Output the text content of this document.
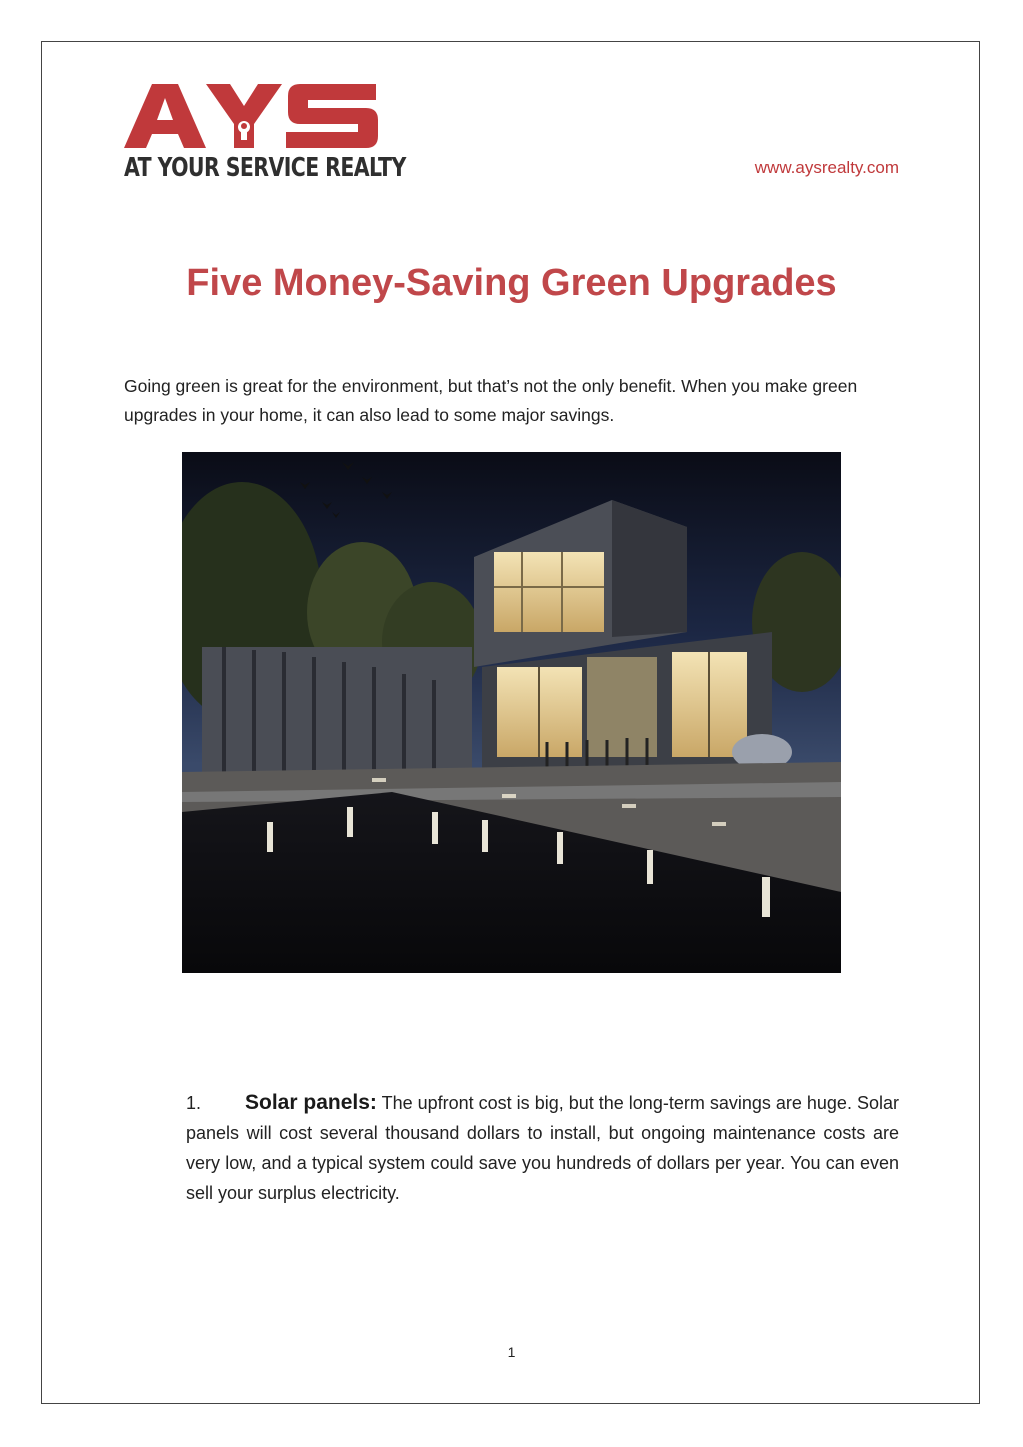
AT YOUR SERVICE REALTY	www.aysrealty.com
Five Money-Saving Green Upgrades

Going green is great for the environment, but that’s not the only benefit. When you make green upgrades in your home, it can also lead to some major savings.

1. Solar panels: The upfront cost is big, but the long-term savings are huge. Solar panels will cost several thousand dollars to install, but ongoing maintenance costs are very low, and a typical system could save you hundreds of dollars per year. You can even sell your surplus electricity.

1
